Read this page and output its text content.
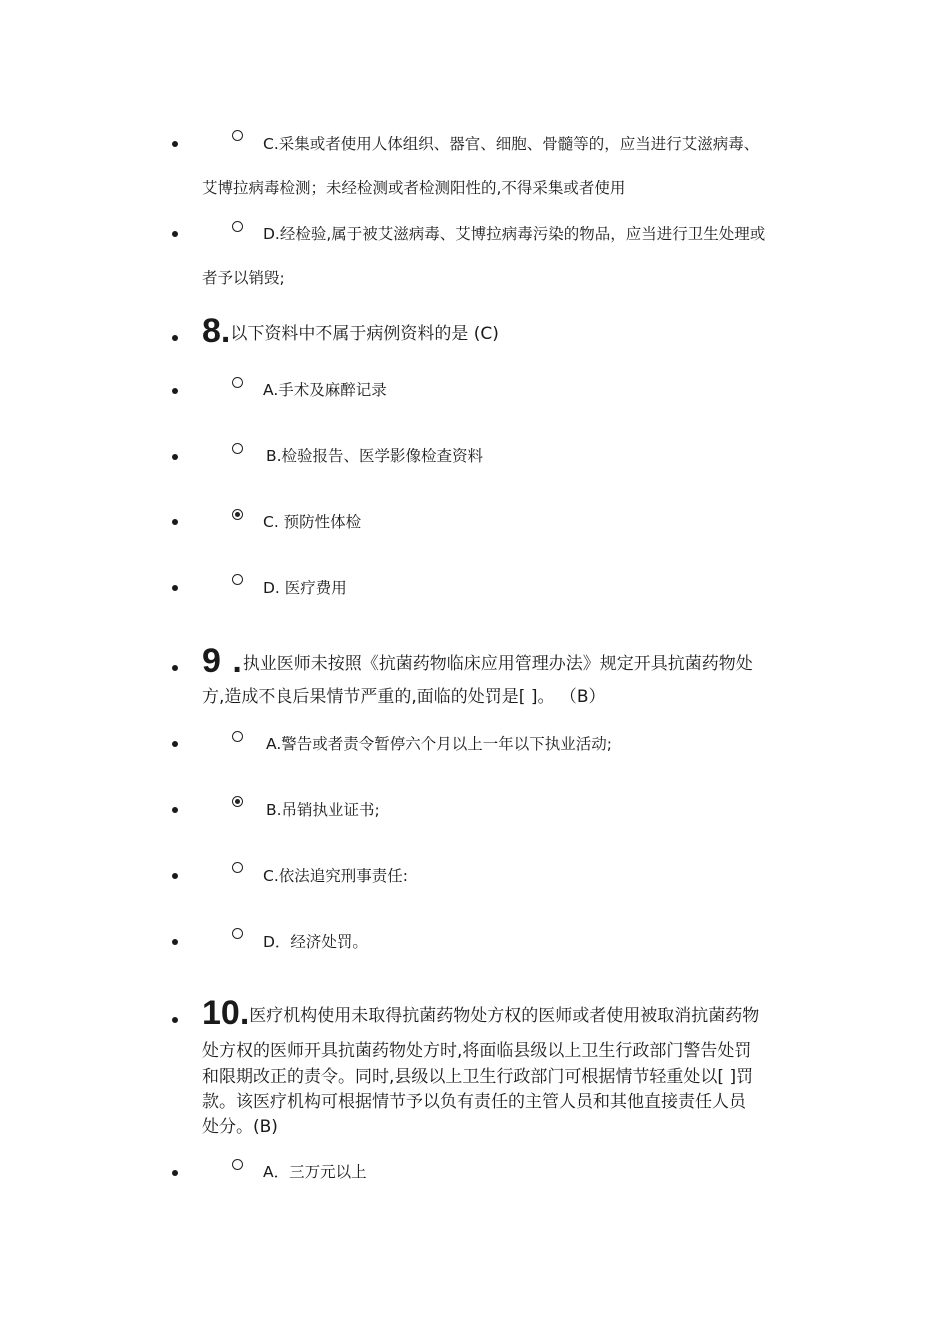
C.采集或者使用人体组织、器官、细胞、骨髓等的，应当进行艾滋病毒、
艾博拉病毒检测；未经检测或者检测阳性的,不得采集或者使用
D.经检验,属于被艾滋病毒、艾博拉病毒污染的物品，应当进行卫生处理或
者予以销毁;
8.以下资料中不属于病例资料的是 (C)
A.手术及麻醉记录
B.检验报告、医学影像检查资料
C. 预防性体检
D. 医疗费用
9 .执业医师未按照《抗菌药物临床应用管理办法》规定开具抗菌药物处
方,造成不良后果情节严重的,面临的处罚是[ ]。 （B）
A.警告或者责令暂停六个月以上一年以下执业活动;
B.吊销执业证书;
C.依法追究刑事责任:
D．经济处罚。
10.医疗机构使用未取得抗菌药物处方权的医师或者使用被取消抗菌药物
处方权的医师开具抗菌药物处方时,将面临县级以上卫生行政部门警告处罚
和限期改正的责令。同时,县级以上卫生行政部门可根据情节轻重处以[ ]罚
款。该医疗机构可根据情节予以负有责任的主管人员和其他直接责任人员
处分。(B)
A．三万元以上
